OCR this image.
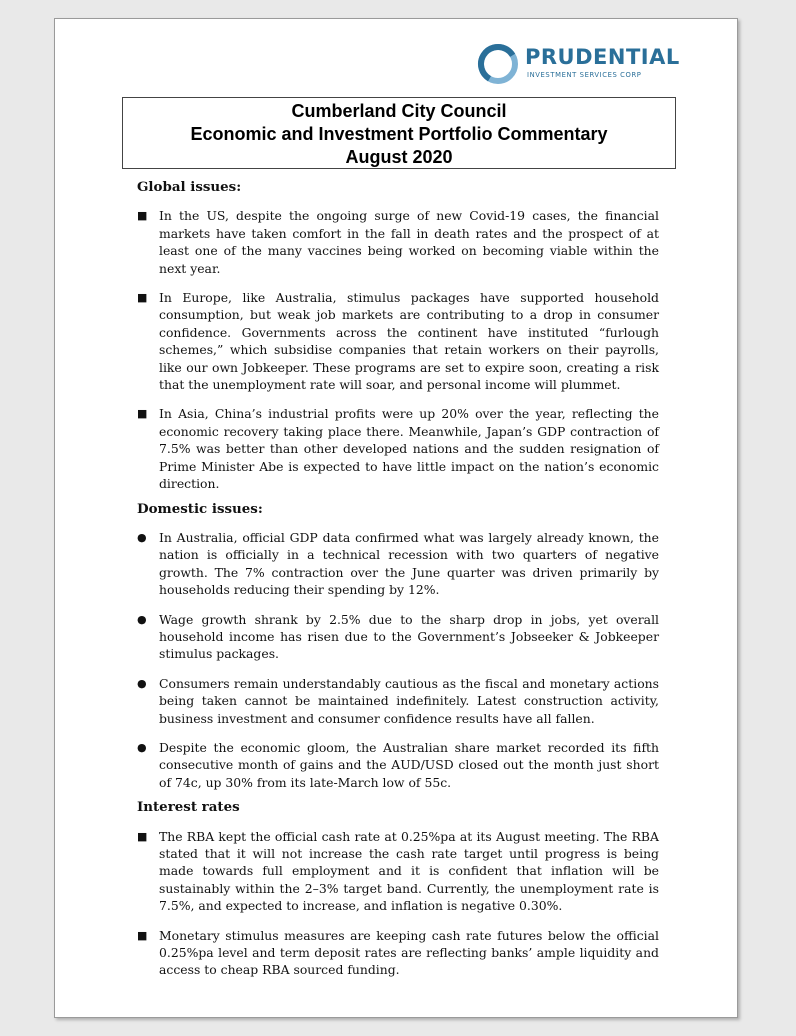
PRUDENTIAL
INVESTMENT SERVICES CORP
Cumberland City Council
Economic and Investment Portfolio Commentary
August 2020
Global issues:
■ In the US, despite the ongoing surge of new Covid-19 cases, the financial markets have taken comfort in the fall in death rates and the prospect of at least one of the many vaccines being worked on becoming viable within the next year.
■ In Europe, like Australia, stimulus packages have supported household consumption, but weak job markets are contributing to a drop in consumer confidence. Governments across the continent have instituted “furlough schemes,” which subsidise companies that retain workers on their payrolls, like our own Jobkeeper. These programs are set to expire soon, creating a risk that the unemployment rate will soar, and personal income will plummet.
■ In Asia, China’s industrial profits were up 20% over the year, reflecting the economic recovery taking place there. Meanwhile, Japan’s GDP contraction of 7.5% was better than other developed nations and the sudden resignation of Prime Minister Abe is expected to have little impact on the nation’s economic direction.
Domestic issues:
● In Australia, official GDP data confirmed what was largely already known, the nation is officially in a technical recession with two quarters of negative growth. The 7% contraction over the June quarter was driven primarily by households reducing their spending by 12%.
● Wage growth shrank by 2.5% due to the sharp drop in jobs, yet overall household income has risen due to the Government’s Jobseeker & Jobkeeper stimulus packages.
● Consumers remain understandably cautious as the fiscal and monetary actions being taken cannot be maintained indefinitely. Latest construction activity, business investment and consumer confidence results have all fallen.
● Despite the economic gloom, the Australian share market recorded its fifth consecutive month of gains and the AUD/USD closed out the month just short of 74c, up 30% from its late-March low of 55c.
Interest rates
■ The RBA kept the official cash rate at 0.25%pa at its August meeting. The RBA stated that it will not increase the cash rate target until progress is being made towards full employment and it is confident that inflation will be sustainably within the 2–3% target band. Currently, the unemployment rate is 7.5%, and expected to increase, and inflation is negative 0.30%.
■ Monetary stimulus measures are keeping cash rate futures below the official 0.25%pa level and term deposit rates are reflecting banks’ ample liquidity and access to cheap RBA sourced funding.
